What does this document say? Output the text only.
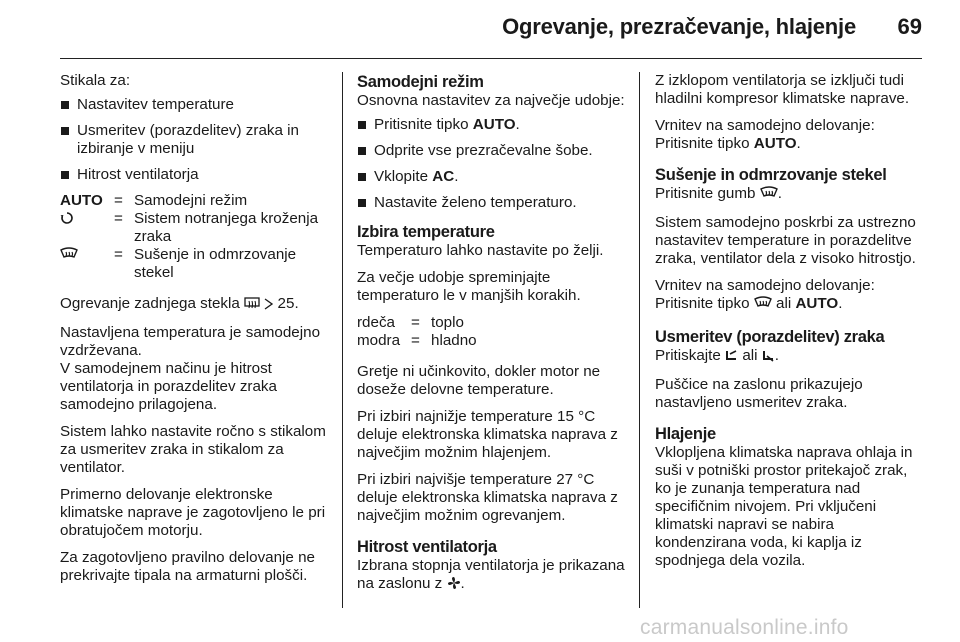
Ogrevanje, prezračevanje, hlajenje 69

Stikala za:

Nastavitev temperature
Usmeritev (porazdelitev) zraka in izbiranje v meniju
Hitrost ventilatorja
AUTO	=	Samodejni režim
	=	Sistem notranjega kroženja zraka
	=	Sušenje in odmrzovanje stekel

Ogrevanje zadnjega stekla 25.

Nastavljena temperatura je samodejno vzdrževana.

V samodejnem načinu je hitrost ventilatorja in porazdelitev zraka samodejno prilagojena.

Sistem lahko nastavite ročno s stikalom za usmeritev zraka in stikalom za ventilator.

Primerno delovanje elektronske klimatske naprave je zagotovljeno le pri obratujočem motorju.

Za zagotovljeno pravilno delovanje ne prekrivajte tipala na armaturni plošči.

Samodejni režim

Osnovna nastavitev za največje udobje:

Pritisnite tipko AUTO.
Odprite vse prezračevalne šobe.
Vklopite AC.
Nastavite želeno temperaturo.
Izbira temperature

Temperaturo lahko nastavite po želji.

Za večje udobje spreminjajte temperaturo le v manjših korakih.

rdeča	=	toplo
modra	=	hladno

Gretje ni učinkovito, dokler motor ne doseže delovne temperature.

Pri izbiri najnižje temperature 15 °C deluje elektronska klimatska naprava z največjim možnim hlajenjem.

Pri izbiri najvišje temperature 27 °C deluje elektronska klimatska naprava z največjim možnim ogrevanjem.

Hitrost ventilatorja

Izbrana stopnja ventilatorja je prikazana na zaslonu z .

Z izklopom ventilatorja se izključi tudi hladilni kompresor klimatske naprave.

Vrnitev na samodejno delovanje: Pritisnite tipko AUTO.

Sušenje in odmrzovanje stekel

Pritisnite gumb .

Sistem samodejno poskrbi za ustrezno nastavitev temperature in porazdelitve zraka, ventilator dela z visoko hitrostjo.

Vrnitev na samodejno delovanje: Pritisnite tipko ali AUTO.

Usmeritev (porazdelitev) zraka

Pritiskajte ali .

Puščice na zaslonu prikazujejo nastavljeno usmeritev zraka.

Hlajenje

Vklopljena klimatska naprava ohlaja in suši v potniški prostor pritekajoč zrak, ko je zunanja temperatura nad specifičnim nivojem. Pri vključeni klimatski napravi se nabira kondenzirana voda, ki kaplja iz spodnjega dela vozila.

carmanualsonline.info
